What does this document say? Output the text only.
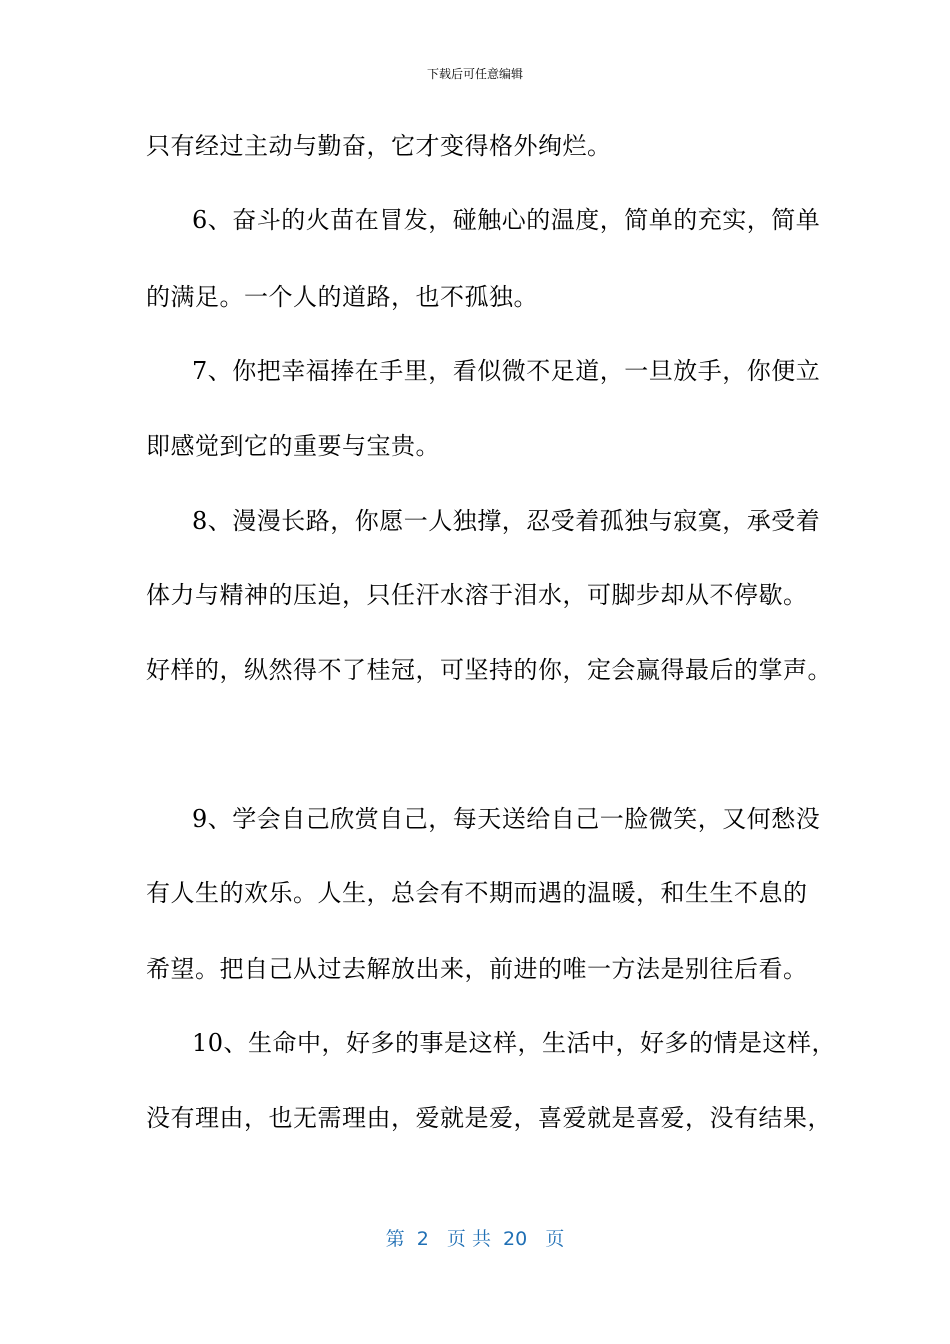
下载后可任意编辑
只有经过主动与勤奋，它才变得格外绚烂。
6、奋斗的火苗在冒发，碰触心的温度，简单的充实，简单
的满足。一个人的道路，也不孤独。
7、你把幸福捧在手里，看似微不足道，一旦放手，你便立
即感觉到它的重要与宝贵。
8、漫漫长路，你愿一人独撑，忍受着孤独与寂寞，承受着
体力与精神的压迫，只任汗水溶于泪水，可脚步却从不停歇。
好样的，纵然得不了桂冠，可坚持的你，定会赢得最后的掌声。
9、学会自己欣赏自己，每天送给自己一脸微笑，又何愁没
有人生的欢乐。人生，总会有不期而遇的温暖，和生生不息的
希望。把自己从过去解放出来，前进的唯一方法是别往后看。
10、生命中，好多的事是这样，生活中，好多的情是这样，
没有理由，也无需理由，爱就是爱，喜爱就是喜爱，没有结果，
第  2   页 共  20   页
